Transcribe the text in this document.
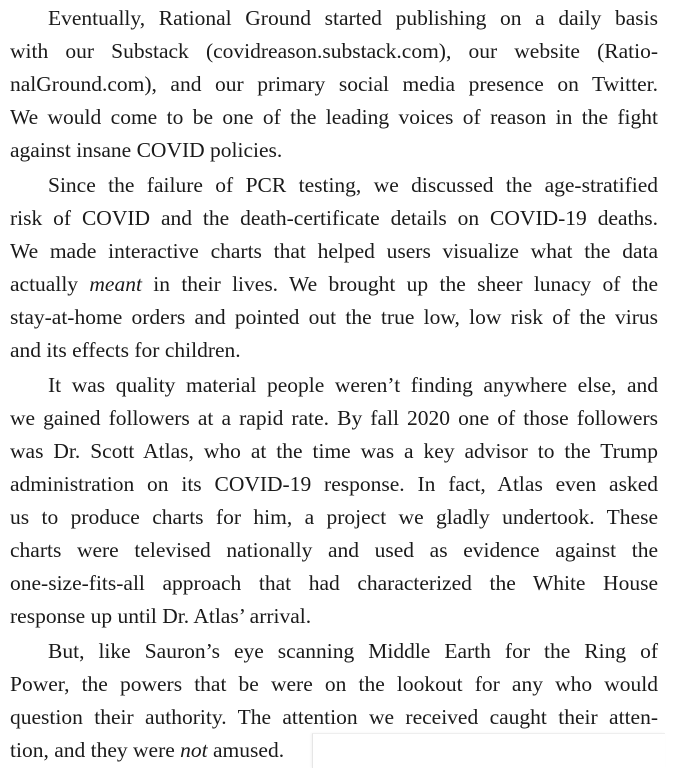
Eventually, Rational Ground started publishing on a daily basis
with our Substack (covidreason.substack.com), our website (Ratio-
nalGround.com), and our primary social media presence on Twitter.
We would come to be one of the leading voices of reason in the fight
against insane COVID policies.
Since the failure of PCR testing, we discussed the age-stratified
risk of COVID and the death-certificate details on COVID-19 deaths.
We made interactive charts that helped users visualize what the data
actually meant in their lives. We brought up the sheer lunacy of the
stay-at-home orders and pointed out the true low, low risk of the virus
and its effects for children.
It was quality material people weren’t finding anywhere else, and
we gained followers at a rapid rate. By fall 2020 one of those followers
was Dr. Scott Atlas, who at the time was a key advisor to the Trump
administration on its COVID-19 response. In fact, Atlas even asked
us to produce charts for him, a project we gladly undertook. These
charts were televised nationally and used as evidence against the
one-size-fits-all approach that had characterized the White House
response up until Dr. Atlas’ arrival.
But, like Sauron’s eye scanning Middle Earth for the Ring of
Power, the powers that be were on the lookout for any who would
question their authority. The attention we received caught their atten-
tion, and they were not amused.
